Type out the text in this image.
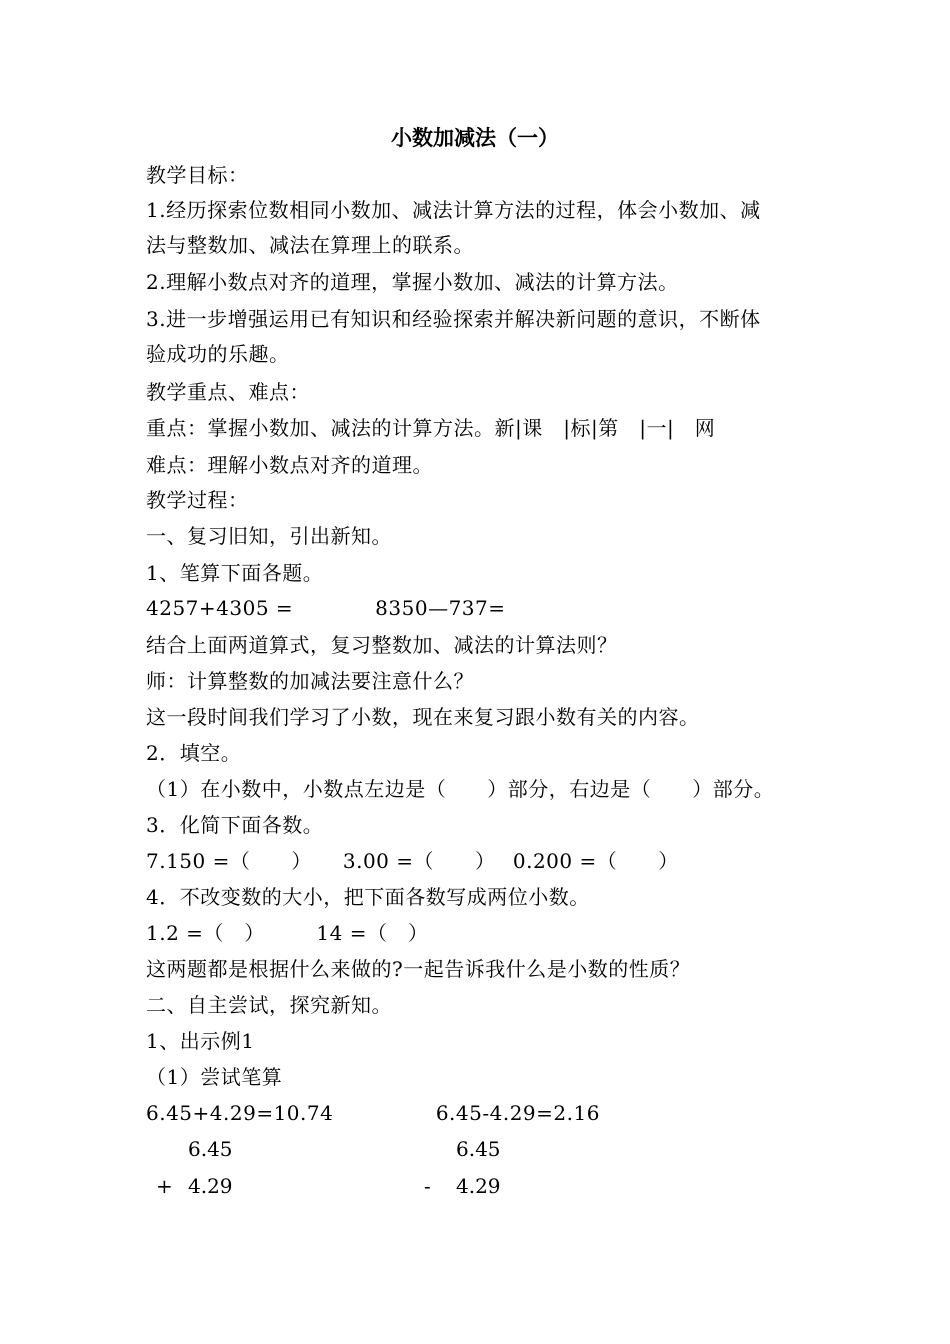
小数加减法（一）
教学目标：
1.经历探索位数相同小数加、减法计算方法的过程，体会小数加、减
法与整数加、减法在算理上的联系。
2.理解小数点对齐的道理，掌握小数加、减法的计算方法。
3.进一步增强运用已有知识和经验探索并解决新问题的意识，不断体
验成功的乐趣。
教学重点、难点：
重点：掌握小数加、减法的计算方法。新|课　|标|第　|一|　网
难点：理解小数点对齐的道理。
教学过程：
一、复习旧知，引出新知。
1、笔算下面各题。
4257+4305 =　　　　8350—737=
结合上面两道算式，复习整数加、减法的计算法则？
师：计算整数的加减法要注意什么？
这一段时间我们学习了小数，现在来复习跟小数有关的内容。
2．填空。
（1）在小数中，小数点左边是（　　）部分，右边是（　　）部分。
3．化简下面各数。
7.150 =（　　）　　3.00 =（　　）　 0.200 =（　　）
4．不改变数的大小，把下面各数写成两位小数。
1.2 =（　）　　　14 =（　）
这两题都是根据什么来做的?一起告诉我什么是小数的性质？
二、自主尝试，探究新知。
1、出示例1
（1）尝试笔算
6.45+4.29=10.74　　　　　6.45-4.29=2.16
6.45
+ 4.29
6.45
- 4.29
